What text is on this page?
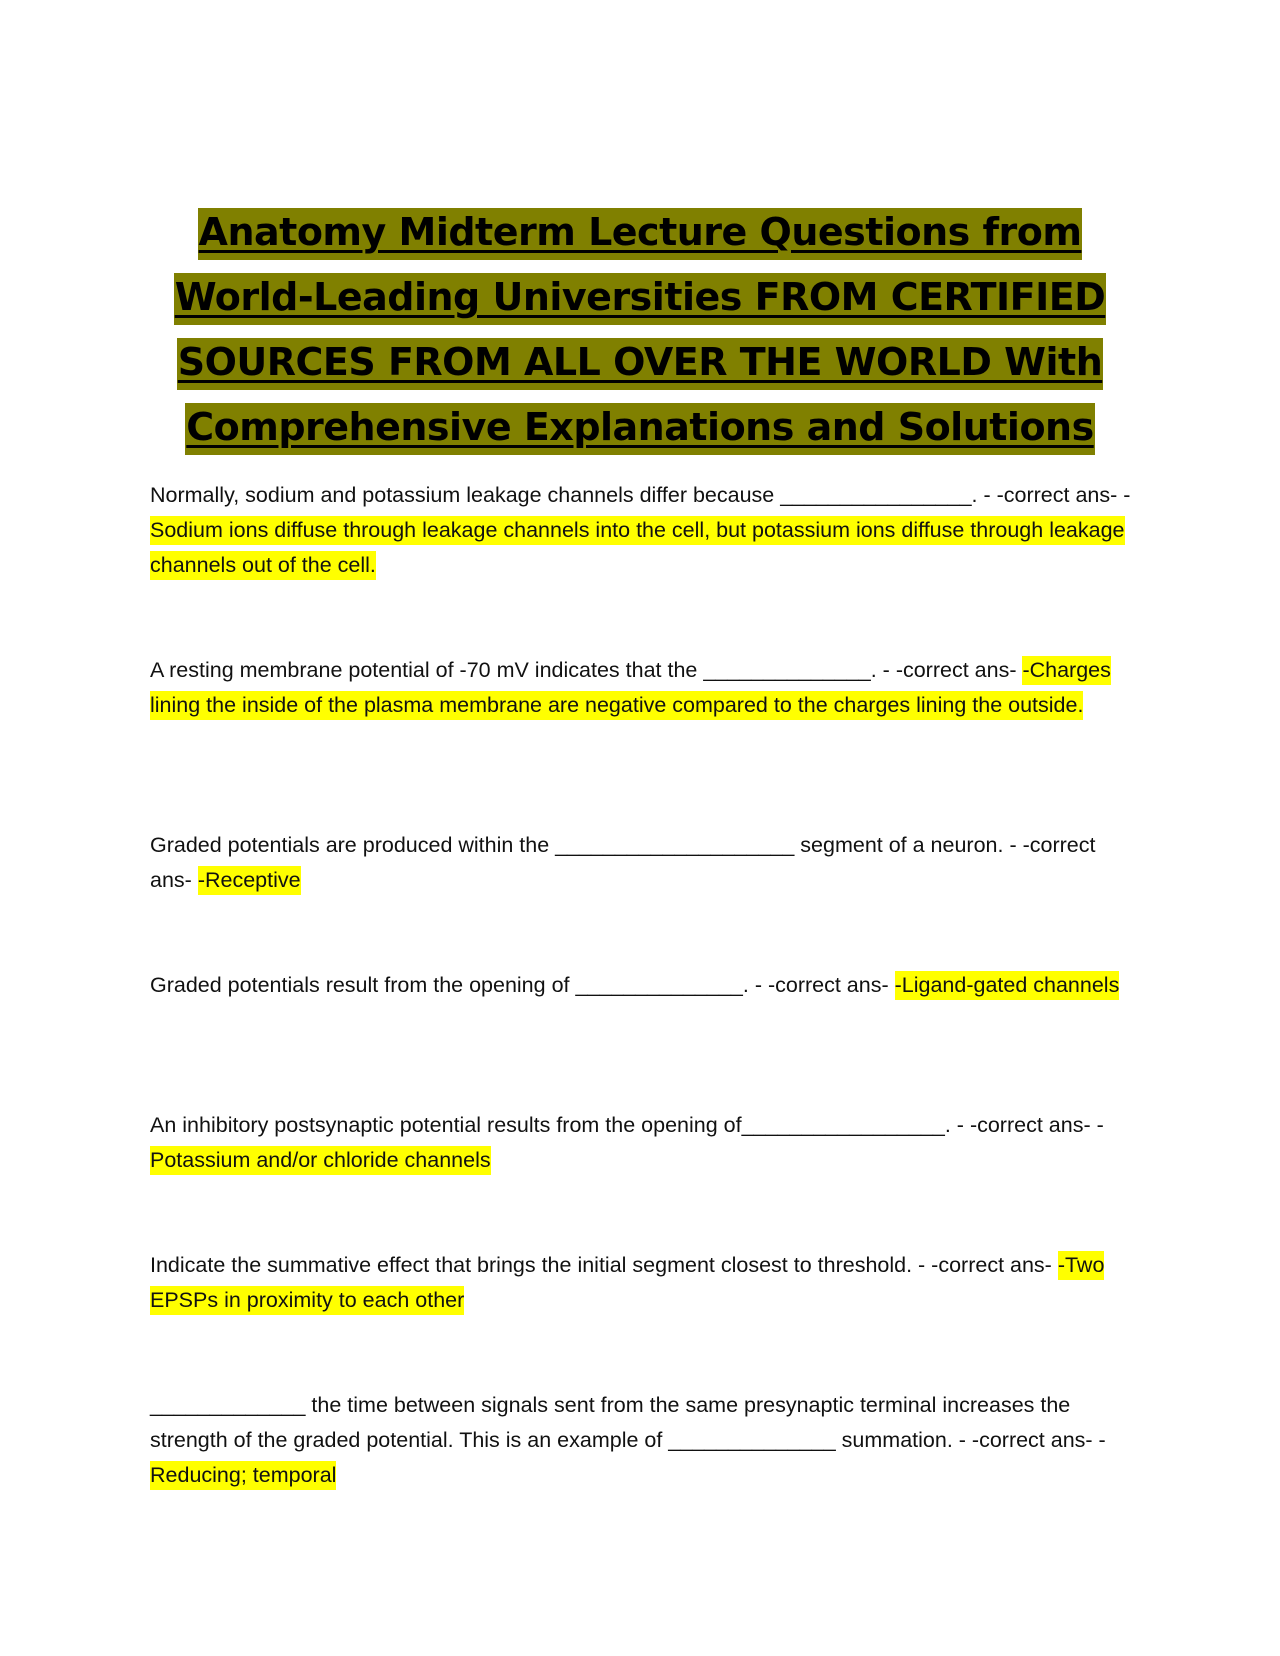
Anatomy Midterm Lecture Questions from
World-Leading Universities FROM CERTIFIED
SOURCES FROM ALL OVER THE WORLD With
Comprehensive Explanations and Solutions
Normally, sodium and potassium leakage channels differ because ________________. - -correct ans- -Sodium ions diffuse through leakage channels into the cell, but potassium ions diffuse through leakage channels out of the cell.
A resting membrane potential of -70 mV indicates that the ______________. - -correct ans- -Charges lining the inside of the plasma membrane are negative compared to the charges lining the outside.
Graded potentials are produced within the ____________________ segment of a neuron. - -correct ans- -Receptive
Graded potentials result from the opening of ______________. - -correct ans- -Ligand-gated channels
An inhibitory postsynaptic potential results from the opening of_________________. - -correct ans- -Potassium and/or chloride channels
Indicate the summative effect that brings the initial segment closest to threshold. - -correct ans- -Two EPSPs in proximity to each other
_____________ the time between signals sent from the same presynaptic terminal increases the strength of the graded potential. This is an example of ______________ summation. - -correct ans- -Reducing; temporal
